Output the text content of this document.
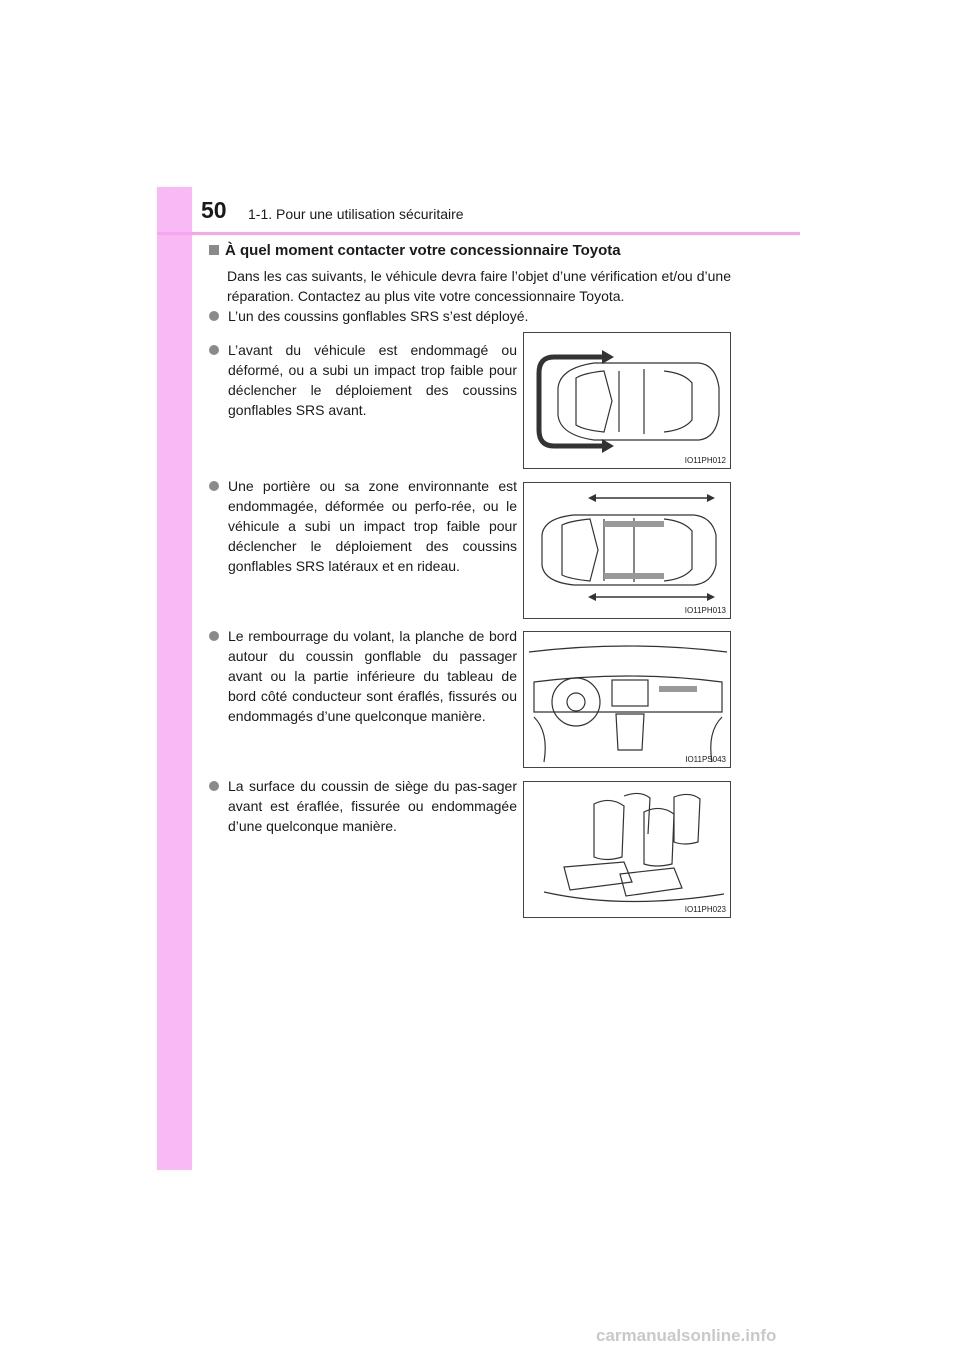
50 1-1. Pour une utilisation sécuritaire
À quel moment contacter votre concessionnaire Toyota
Dans les cas suivants, le véhicule devra faire l’objet d’une vérification et/ou d’une réparation. Contactez au plus vite votre concessionnaire Toyota.
L’un des coussins gonflables SRS s’est déployé.
L’avant du véhicule est endommagé ou déformé, ou a subi un impact trop faible pour déclencher le déploiement des coussins gonflables SRS avant.
IO11PH012
Une portière ou sa zone environnante est endommagée, déformée ou perfo-rée, ou le véhicule a subi un impact trop faible pour déclencher le déploiement des coussins gonflables SRS latéraux et en rideau.
IO11PH013
Le rembourrage du volant, la planche de bord autour du coussin gonflable du passager avant ou la partie inférieure du tableau de bord côté conducteur sont éraflés, fissurés ou endommagés d’une quelconque manière.
IO11PS043
La surface du coussin de siège du pas-sager avant est éraflée, fissurée ou endommagée d’une quelconque manière.
IO11PH023
carmanualsonline.info
